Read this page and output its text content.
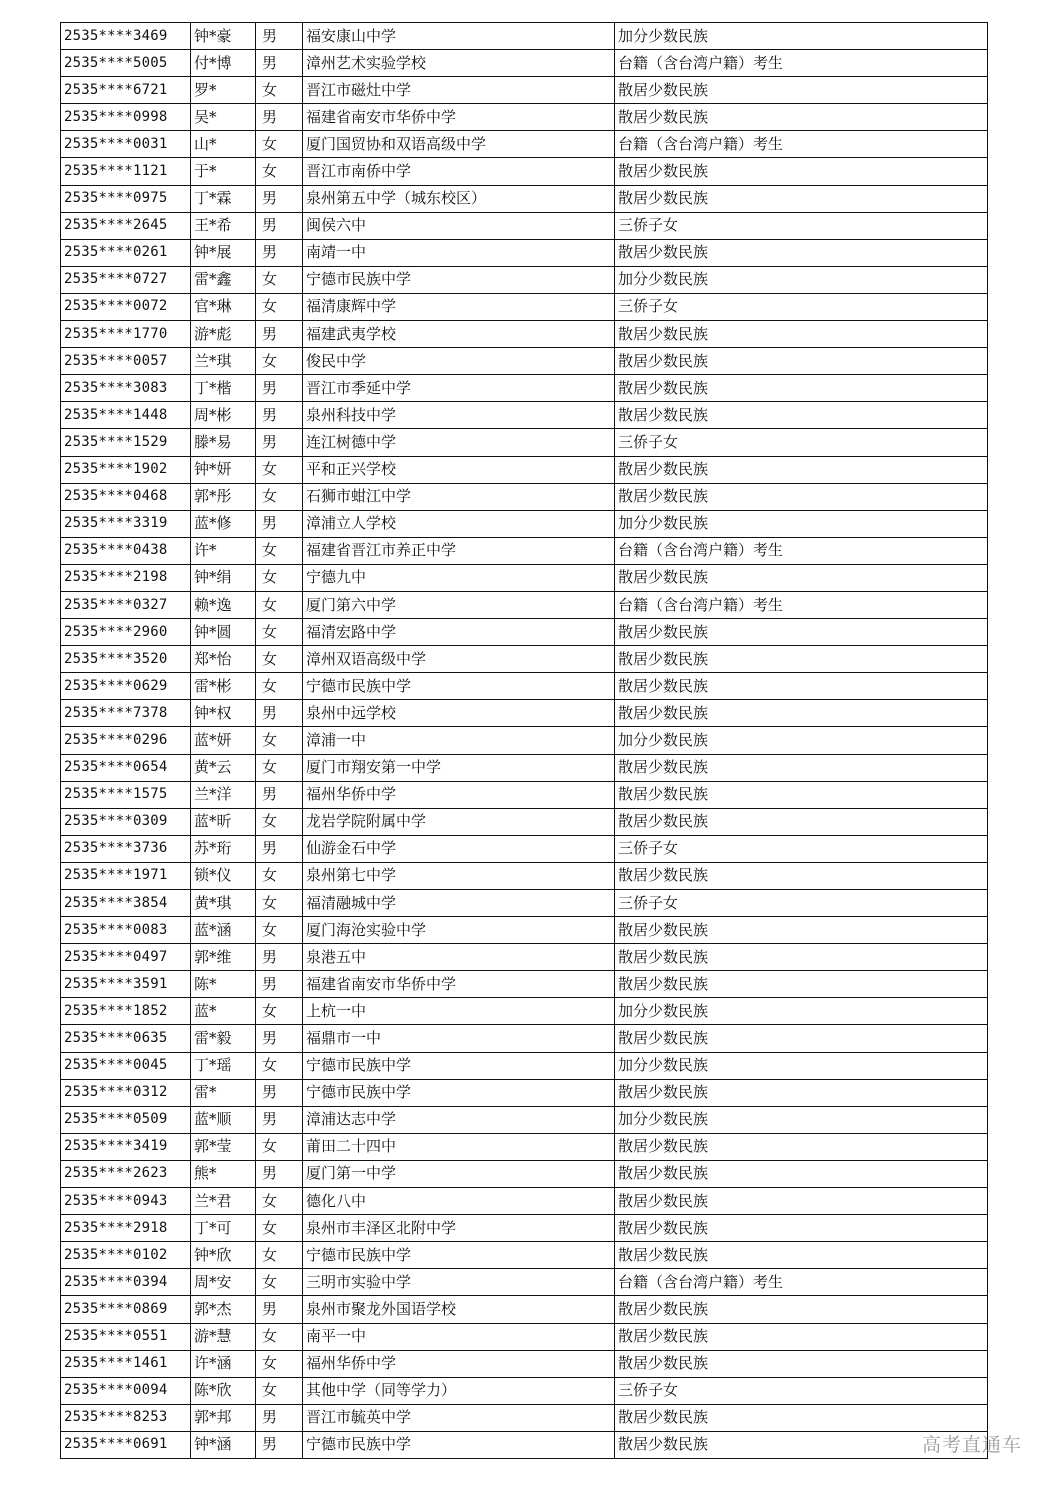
2535****3469	钟*豪	男	福安康山中学	加分少数民族
2535****5005	付*博	男	漳州艺术实验学校	台籍（含台湾户籍）考生
2535****6721	罗*	女	晋江市磁灶中学	散居少数民族
2535****0998	吴*	男	福建省南安市华侨中学	散居少数民族
2535****0031	山*	女	厦门国贸协和双语高级中学	台籍（含台湾户籍）考生
2535****1121	于*	女	晋江市南侨中学	散居少数民族
2535****0975	丁*霖	男	泉州第五中学（城东校区）	散居少数民族
2535****2645	王*希	男	闽侯六中	三侨子女
2535****0261	钟*展	男	南靖一中	散居少数民族
2535****0727	雷*鑫	女	宁德市民族中学	加分少数民族
2535****0072	官*琳	女	福清康辉中学	三侨子女
2535****1770	游*彪	男	福建武夷学校	散居少数民族
2535****0057	兰*琪	女	俊民中学	散居少数民族
2535****3083	丁*楷	男	晋江市季延中学	散居少数民族
2535****1448	周*彬	男	泉州科技中学	散居少数民族
2535****1529	滕*易	男	连江树德中学	三侨子女
2535****1902	钟*妍	女	平和正兴学校	散居少数民族
2535****0468	郭*彤	女	石狮市蚶江中学	散居少数民族
2535****3319	蓝*修	男	漳浦立人学校	加分少数民族
2535****0438	许*	女	福建省晋江市养正中学	台籍（含台湾户籍）考生
2535****2198	钟*绢	女	宁德九中	散居少数民族
2535****0327	赖*逸	女	厦门第六中学	台籍（含台湾户籍）考生
2535****2960	钟*圆	女	福清宏路中学	散居少数民族
2535****3520	郑*怡	女	漳州双语高级中学	散居少数民族
2535****0629	雷*彬	女	宁德市民族中学	散居少数民族
2535****7378	钟*权	男	泉州中远学校	散居少数民族
2535****0296	蓝*妍	女	漳浦一中	加分少数民族
2535****0654	黄*云	女	厦门市翔安第一中学	散居少数民族
2535****1575	兰*洋	男	福州华侨中学	散居少数民族
2535****0309	蓝*昕	女	龙岩学院附属中学	散居少数民族
2535****3736	苏*珩	男	仙游金石中学	三侨子女
2535****1971	锁*仪	女	泉州第七中学	散居少数民族
2535****3854	黄*琪	女	福清融城中学	三侨子女
2535****0083	蓝*涵	女	厦门海沧实验中学	散居少数民族
2535****0497	郭*维	男	泉港五中	散居少数民族
2535****3591	陈*	男	福建省南安市华侨中学	散居少数民族
2535****1852	蓝*	女	上杭一中	加分少数民族
2535****0635	雷*毅	男	福鼎市一中	散居少数民族
2535****0045	丁*瑶	女	宁德市民族中学	加分少数民族
2535****0312	雷*	男	宁德市民族中学	散居少数民族
2535****0509	蓝*顺	男	漳浦达志中学	加分少数民族
2535****3419	郭*莹	女	莆田二十四中	散居少数民族
2535****2623	熊*	男	厦门第一中学	散居少数民族
2535****0943	兰*君	女	德化八中	散居少数民族
2535****2918	丁*可	女	泉州市丰泽区北附中学	散居少数民族
2535****0102	钟*欣	女	宁德市民族中学	散居少数民族
2535****0394	周*安	女	三明市实验中学	台籍（含台湾户籍）考生
2535****0869	郭*杰	男	泉州市聚龙外国语学校	散居少数民族
2535****0551	游*慧	女	南平一中	散居少数民族
2535****1461	许*涵	女	福州华侨中学	散居少数民族
2535****0094	陈*欣	女	其他中学（同等学力）	三侨子女
2535****8253	郭*邦	男	晋江市毓英中学	散居少数民族
2535****0691	钟*涵	男	宁德市民族中学	散居少数民族	高考直通车
